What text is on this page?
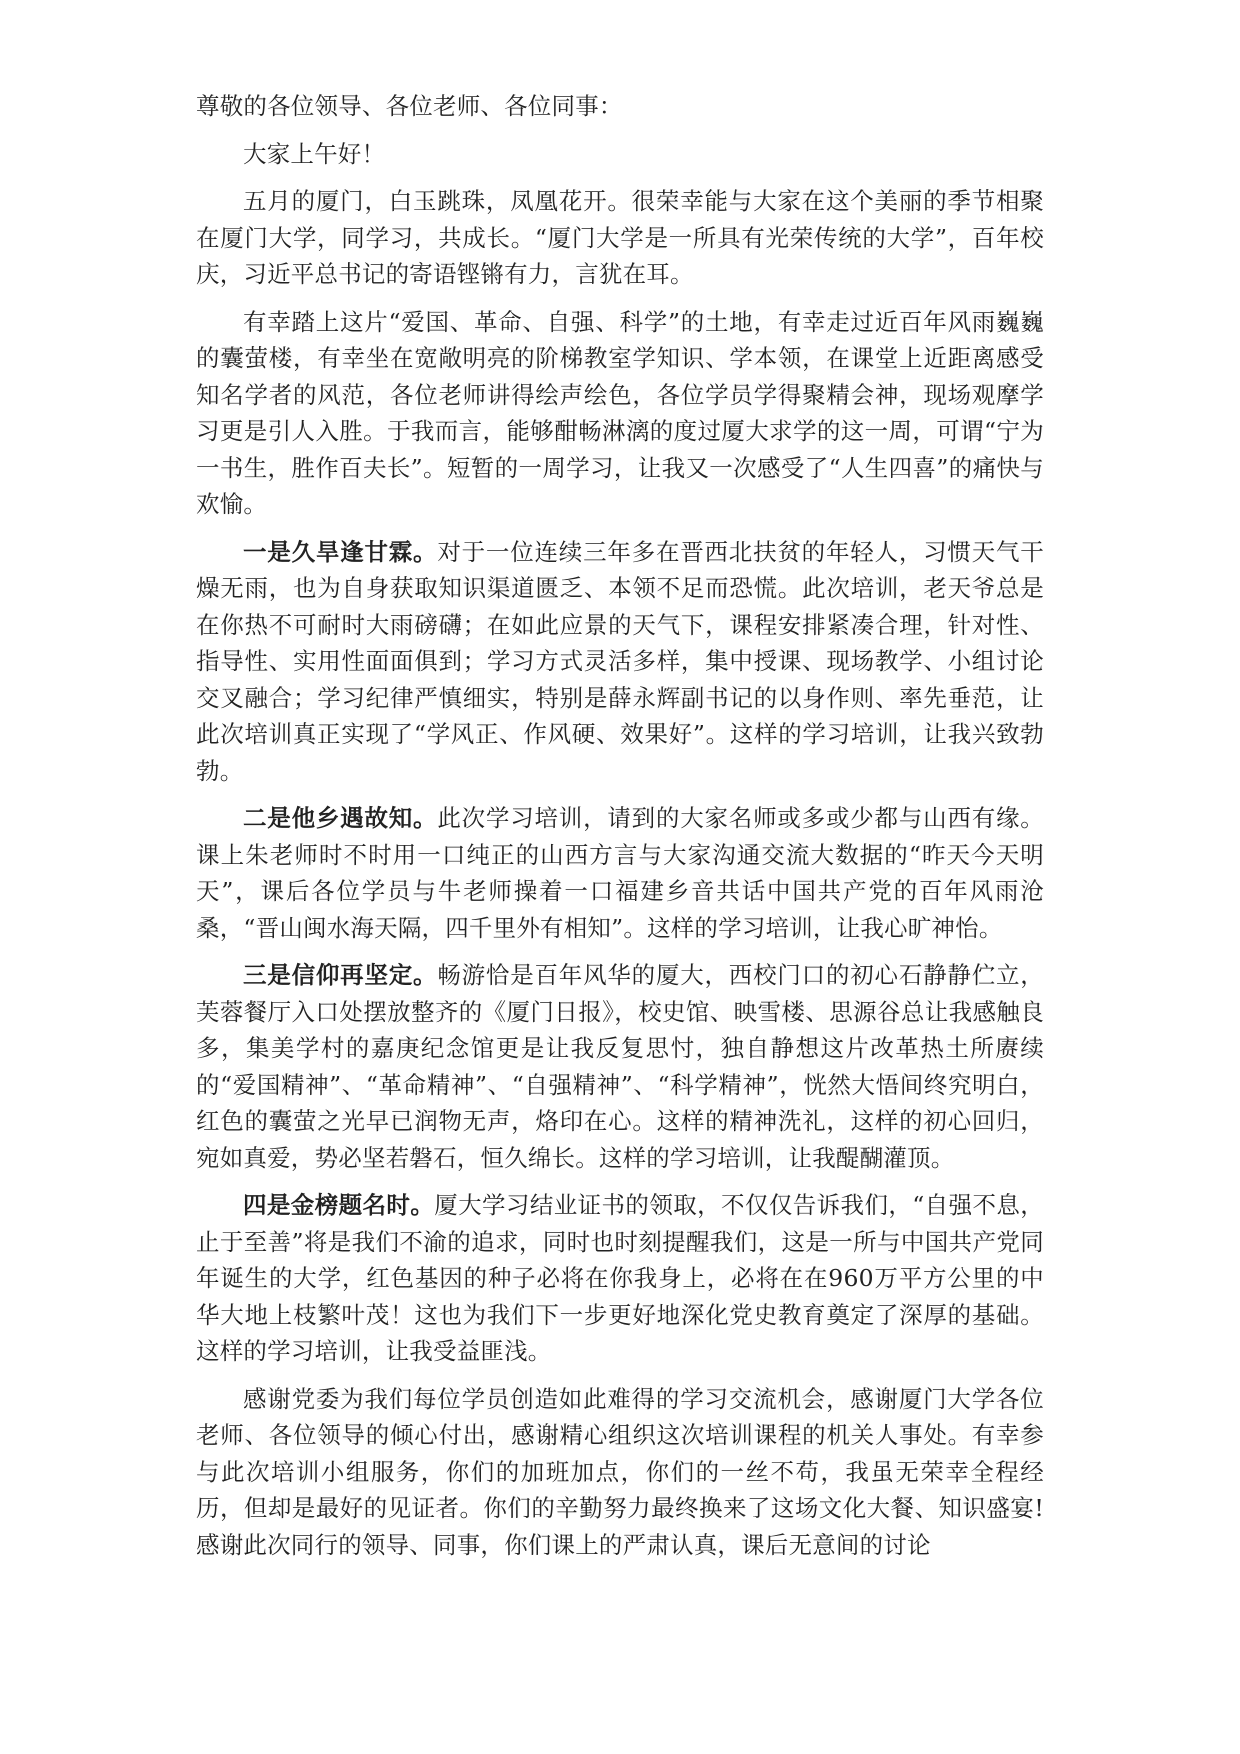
尊敬的各位领导、各位老师、各位同事：

大家上午好！

五月的厦门，白玉跳珠，凤凰花开。很荣幸能与大家在这个美丽的季节相聚在厦门大学，同学习，共成长。“厦门大学是一所具有光荣传统的大学”，百年校庆，习近平总书记的寄语铿锵有力，言犹在耳。

有幸踏上这片“爱国、革命、自强、科学”的土地，有幸走过近百年风雨巍巍的囊萤楼，有幸坐在宽敞明亮的阶梯教室学知识、学本领，在课堂上近距离感受知名学者的风范，各位老师讲得绘声绘色，各位学员学得聚精会神，现场观摩学习更是引人入胜。于我而言，能够酣畅淋漓的度过厦大求学的这一周，可谓“宁为一书生，胜作百夫长”。短暂的一周学习，让我又一次感受了“人生四喜”的痛快与欢愉。

一是久旱逢甘霖。对于一位连续三年多在晋西北扶贫的年轻人，习惯天气干燥无雨，也为自身获取知识渠道匮乏、本领不足而恐慌。此次培训，老天爷总是在你热不可耐时大雨磅礴；在如此应景的天气下，课程安排紧凑合理，针对性、指导性、实用性面面俱到；学习方式灵活多样，集中授课、现场教学、小组讨论交叉融合；学习纪律严慎细实，特别是薛永辉副书记的以身作则、率先垂范，让此次培训真正实现了“学风正、作风硬、效果好”。这样的学习培训，让我兴致勃勃。

二是他乡遇故知。此次学习培训，请到的大家名师或多或少都与山西有缘。课上朱老师时不时用一口纯正的山西方言与大家沟通交流大数据的“昨天今天明天”，课后各位学员与牛老师操着一口福建乡音共话中国共产党的百年风雨沧桑，“晋山闽水海天隔，四千里外有相知”。这样的学习培训，让我心旷神怡。

三是信仰再坚定。畅游恰是百年风华的厦大，西校门口的初心石静静伫立，芙蓉餐厅入口处摆放整齐的《厦门日报》，校史馆、映雪楼、思源谷总让我感触良多，集美学村的嘉庚纪念馆更是让我反复思忖，独自静想这片改革热土所赓续的“爱国精神”、“革命精神”、“自强精神”、“科学精神”，恍然大悟间终究明白，红色的囊萤之光早已润物无声，烙印在心。这样的精神洗礼，这样的初心回归，宛如真爱，势必坚若磐石，恒久绵长。这样的学习培训，让我醍醐灌顶。

四是金榜题名时。厦大学习结业证书的领取，不仅仅告诉我们，“自强不息，止于至善”将是我们不渝的追求，同时也时刻提醒我们，这是一所与中国共产党同年诞生的大学，红色基因的种子必将在你我身上，必将在在960万平方公里的中华大地上枝繁叶茂！这也为我们下一步更好地深化党史教育奠定了深厚的基础。这样的学习培训，让我受益匪浅。

感谢党委为我们每位学员创造如此难得的学习交流机会，感谢厦门大学各位老师、各位领导的倾心付出，感谢精心组织这次培训课程的机关人事处。有幸参与此次培训小组服务，你们的加班加点，你们的一丝不苟，我虽无荣幸全程经历，但却是最好的见证者。你们的辛勤努力最终换来了这场文化大餐、知识盛宴!感谢此次同行的领导、同事，你们课上的严肃认真，课后无意间的讨论
